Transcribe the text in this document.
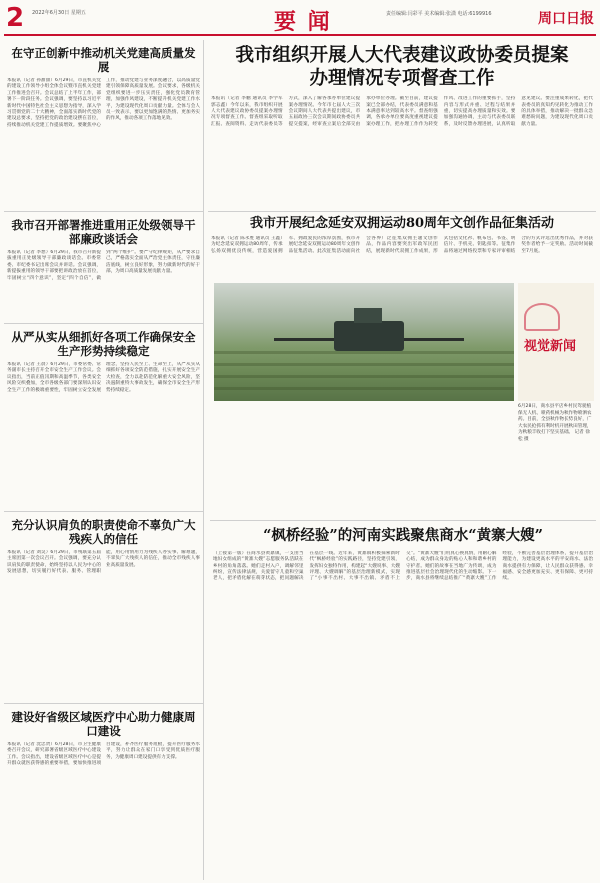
2 2022年6月30日 星期五	要 闻	责任编辑:闫彩平 美术编辑:张潇 电话:6199916	周口日报
在守正创新中推动机关党建高质量发展
本报讯（记者 孙甜甜）6月29日，市直机关党的建设工作领导小组全体会议暨市直机关党建工作推进会召开。会议总结了上半年工作，部署下一阶段任务。会议强调，要坚持以习近平新时代中国特色社会主义思想为指导，深入学习贯彻党的二十大精神，全面落实新时代党的建设总要求，坚持把党的政治建设摆在首位，持续推动机关党建工作提质增效。要聚焦中心工作，推动党建与业务深度融合，以高质量党建引领保障高质量发展。会议要求，各级机关党组织要进一步压实责任，强化党员教育管理，加强作风建设，不断提升机关党建工作水平，为建设现代化周口贡献力量。全体与会人员一致表示，要以更加饱满的热情、更加务实的作风，推动各项工作落地见效。
我市召开部署推进重用正处级领导干部廉政谈话会
本报讯（记者 李想）6月29日，我市召开新提拔重用正处级领导干部廉政谈话会。市委常委、市纪委书记出席会议并讲话。会议强调，新提拔重用的领导干部要把讲政治放在首位，牢固树立“四个意识”，坚定“四个自信”，做到“两个维护”。要严守纪律规矩，从严要求自己，严格落实全面从严治党主体责任，守住廉洁底线，树立良好形象，努力做新时代的好干部，为周口高质量发展贡献力量。
从严从实从细抓好各项工作确保安全生产形势持续稳定
本报讯（记者 王晨）6月29日，市委常委、常务副市长主持召开全市安全生产工作会议。会议指出，当前正值汛期和高温季节，各类安全风险交织叠加，全市各级各部门要深刻认识安全生产工作的极端重要性，牢固树立安全发展理念，坚持人民至上、生命至上，从严从实从细抓好各项安全防范措施，扎实开展安全生产大检查，全力以赴防范化解重大安全风险，坚决遏制重特大事故发生，确保全市安全生产形势持续稳定。
充分认识肩负的职责使命不辜负广大残疾人的信任
本报讯（记者 刘昊）6月29日，市残联第五届主席团第一次会议召开。会议强调，要充分认识肩负的职责使命，始终坚持以人民为中心的发展思想，切实履行好代表、服务、管理职能，用心用情用力为残疾人办实事、解难题，不辜负广大残疾人的信任，推动全市残疾人事业高质量发展。
建设好省级区域医疗中心助力健康周口建设
本报讯（记者 沈忠贤）6月28日，市卫生健康委召开会议，研究部署省级区域医疗中心建设工作。会议指出，建设省级区域医疗中心是提升群众就医获得感的重要举措，要加快推进项目建设，补齐医疗服务短板，提升医疗服务水平，努力让群众在家门口享受到优质医疗服务，为健康周口建设提供有力支撑。
我市组织开展人大代表建议政协委员提案
办理情况专项督查工作
本报讯（记者 李鹏 通讯员 李学军 郭志鑫）今年以来，我市组织开展人大代表建议政协委员提案办理情况专项督查工作。督查组采取听取汇报、查阅资料、走访代表委员等方式，深入了解各承办单位建议提案办理情况。今年市七届人大三次会议期间人大代表共提出建议，市五届政协三次会议期间政协委员共提交提案，经审查立案后全部交由承办单位办理。截至目前，建议提案已全部办结，代表委员满意和基本满意率达到较高水平。督查组强调，各承办单位要高度重视建议提案办理工作，把办理工作作为转变作风、改进工作的重要抓手，坚持内容与形式并重、过程与结果并重，切实提高办理质量和实效。要加强沟通协调，主动与代表委员联系，及时反馈办理进展，认真听取意见建议。要注重成果转化，把代表委员的真知灼见转化为推动工作的具体举措，推动解决一批群众急难愁盼问题，为建设现代化周口贡献力量。
我市开展纪念延安双拥运动80周年文创作品征集活动
本报讯（记者 陈永胜 通讯员 王鑫）为纪念延安双拥运动80周年，传承弘扬双拥优良传统，营造爱国拥军、拥政爱民的浓厚氛围，我市开展纪念延安双拥运动80周年文创作品征集活动。此次征集活动面向社会各界广泛征集双拥主题文创作品，作品内容要突出军政军民团结，展现新时代双拥工作成果，形式包括文化衫、帆布包、书签、明信片、手机壳、钥匙扣等。征集作品将通过网络投票和专家评审相结合的方式评选出优秀作品，并对获奖作者给予一定奖励。活动时间截至7月底。
视觉新闻
6月28日，商水县平店乡村民驾驶植保无人机、喷药机械为秋作物喷洒农药。目前，全县秋作物长势良好，广大农民抢抓有利时机开展秋田管理，为秋粮丰收打下坚实基础。 记者 徐松 摄
“枫桥经验”的河南实践聚焦商水“黄寨大嫂”
（上接第一版）在商水县黄寨镇，一支由当地妇女组成的“黄寨大嫂”志愿服务队活跃在乡村的角角落落。她们走村入户，调解邻里纠纷，宣传法律法规，关爱留守儿童和空巢老人，把矛盾化解在萌芽状态，把问题解决在基层一线。近年来，黄寨镇积极探索新时代“枫桥经验”的实践路径，坚持党建引领，发挥妇女独特作用，构建起“大嫂说事、大嫂评理、大嫂调解”的基层治理新模式，实现了“小事不出村、大事不出镇、矛盾不上交”。“黄寨大嫂”们用真心换真情，用耐心解心结，成为群众身边的贴心人和和谐乡村的守护者。她们的故事在当地广为传颂，成为推进基层社会治理现代化的生动缩影。下一步，商水县将继续总结推广“黄寨大嫂”工作经验，不断完善基层治理体系，提升基层治理能力，为建设更高水平的平安商水、法治商水提供有力保障，让人民群众获得感、幸福感、安全感更加充实、更有保障、更可持续。
